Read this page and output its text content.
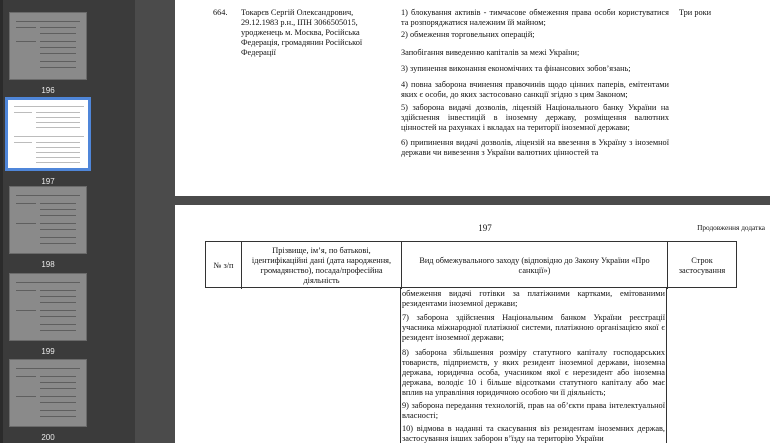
196
197
198
199
200
664.	Токарєв Сергій Олександрович, 29.12.1983 р.н., ІПН 3066505015, уродженець м. Москва, Російська Федерація, громадянин Російської Федерації
Три роки
1) блокування активів - тимчасове обмеження права особи користуватися та розпоряджатися належним їй майном;
2) обмеження торговельних операцій;
Запобігання виведенню капіталів за межі України;
3) зупинення виконання економічних та фінансових зобов’язань;
4) повна заборона вчинення правочинів щодо цінних паперів, емітентами яких є особи, до яких застосовано санкції згідно з цим Законом;
5) заборона видачі дозволів, ліцензій Національного банку України на здійснення інвестицій в іноземну державу, розміщення валютних цінностей на рахунках і вкладах на території іноземної держави;
6) припинення видачі дозволів, ліцензій на ввезення в Україну з іноземної держави чи вивезення з України валютних цінностей та
197	Продовження додатка
№ з/п
Прізвище, ім’я, по батькові, ідентифікаційні дані (дата народження, громадянство), посада/професійна діяльність
Вид обмежувального заходу (відповідно до Закону України «Про санкції»)
Строк застосування
обмеження видачі готівки за платіжними картками, емітованими резидентами іноземної держави;
7) заборона здійснення Національним банком України реєстрації учасника міжнародної платіжної системи, платіжною організацією якої є резидент іноземної держави;
8) заборона збільшення розміру статутного капіталу господарських товариств, підприємств, у яких резидент іноземної держави, іноземна держава, юридична особа, учасником якої є нерезидент або іноземна держава, володіє 10 і більше відсотками статутного капіталу або має вплив на управління юридичною особою чи її діяльність;
9) заборона передання технологій, прав на об’єкти права інтелектуальної власності;
10) відмова в наданні та скасування віз резидентам іноземних держав, застосування інших заборон в’їзду на територію України
